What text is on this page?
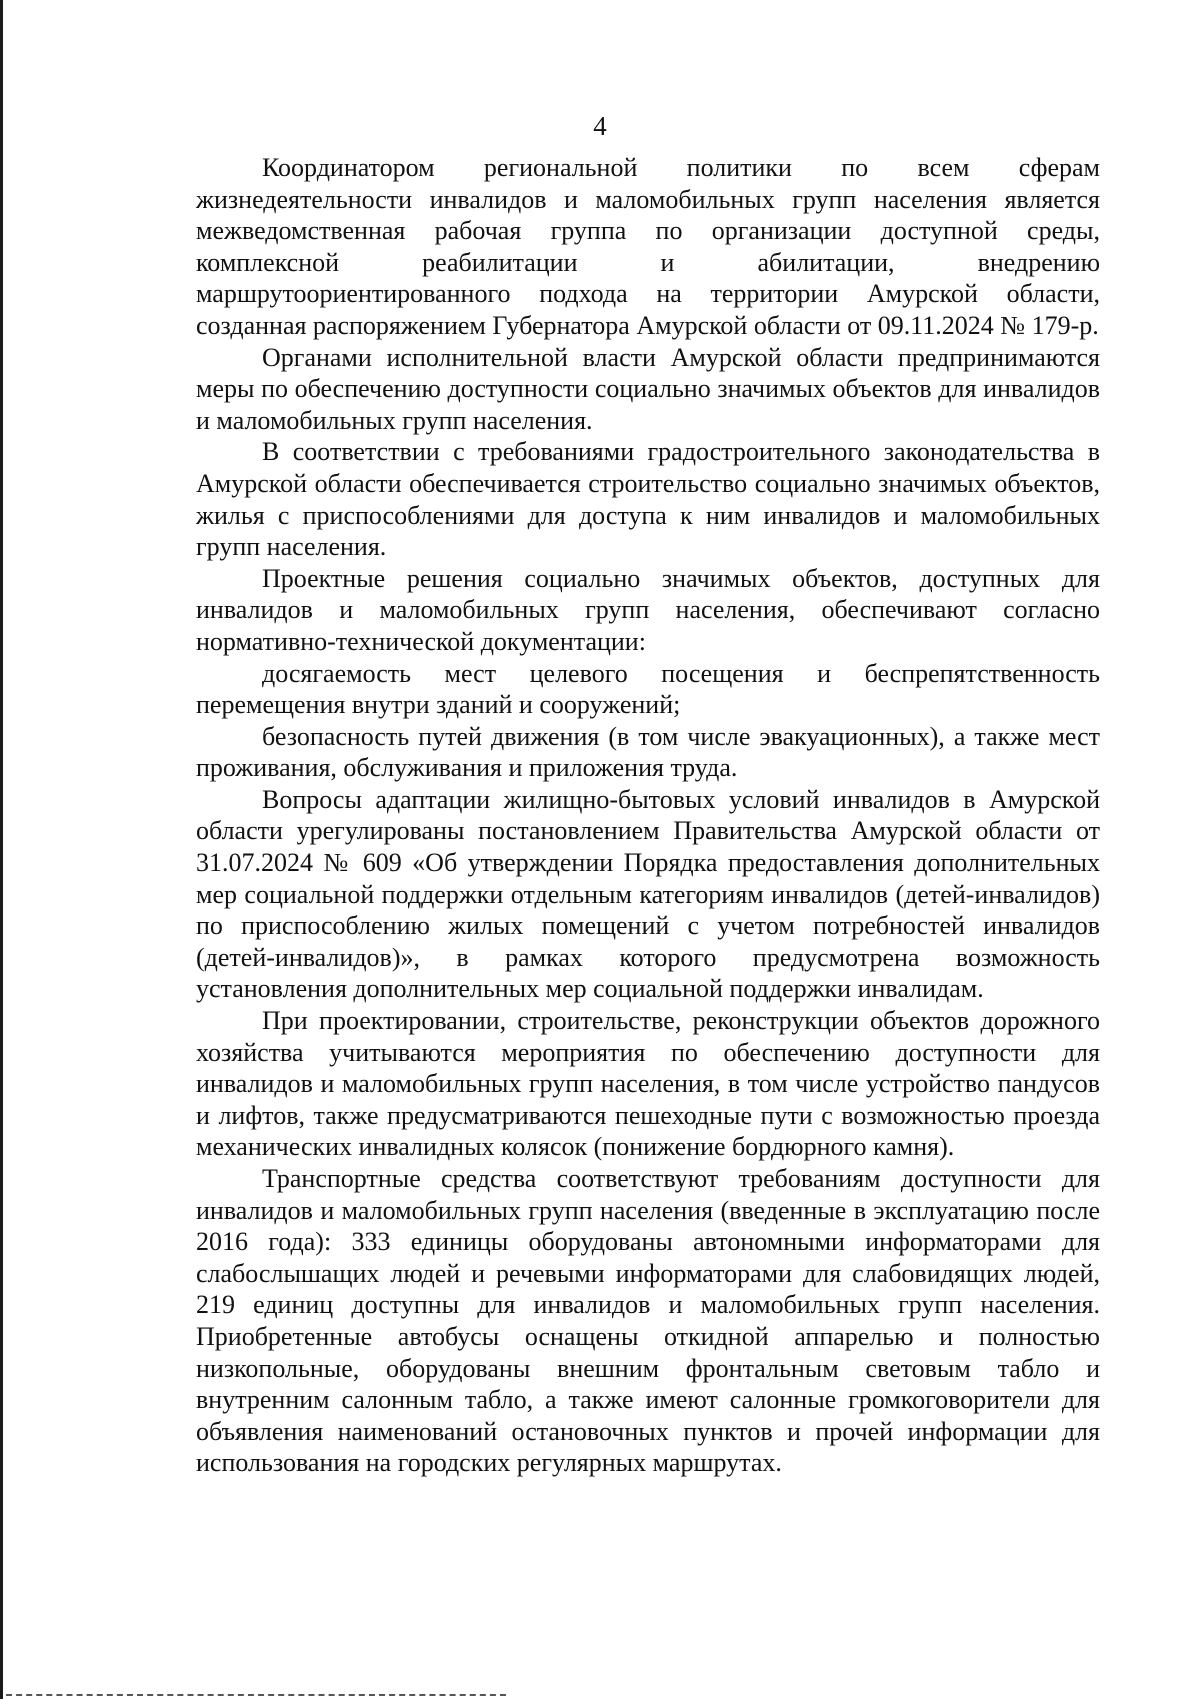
4

Координатором региональной политики по всем сферам жизнедеятельности инвалидов и маломобильных групп населения является межведомственная рабочая группа по организации доступной среды, комплексной реабилитации и абилитации, внедрению маршрутоориентированного подхода на территории Амурской области, созданная распоряжением Губернатора Амурской области от 09.11.2024 № 179-р.

Органами исполнительной власти Амурской области предпринимаются меры по обеспечению доступности социально значимых объектов для инвалидов и маломобильных групп населения.

В соответствии с требованиями градостроительного законодательства в Амурской области обеспечивается строительство социально значимых объектов, жилья с приспособлениями для доступа к ним инвалидов и маломобильных групп населения.

Проектные решения социально значимых объектов, доступных для инвалидов и маломобильных групп населения, обеспечивают согласно нормативно-технической документации:

досягаемость мест целевого посещения и беспрепятственность перемещения внутри зданий и сооружений;

безопасность путей движения (в том числе эвакуационных), а также мест проживания, обслуживания и приложения труда.

Вопросы адаптации жилищно-бытовых условий инвалидов в Амурской области урегулированы постановлением Правительства Амурской области от 31.07.2024 № 609 «Об утверждении Порядка предоставления дополнительных мер социальной поддержки отдельным категориям инвалидов (детей-инвалидов) по приспособлению жилых помещений с учетом потребностей инвалидов (детей-инвалидов)», в рамках которого предусмотрена возможность установления дополнительных мер социальной поддержки инвалидам.

При проектировании, строительстве, реконструкции объектов дорожного хозяйства учитываются мероприятия по обеспечению доступности для инвалидов и маломобильных групп населения, в том числе устройство пандусов и лифтов, также предусматриваются пешеходные пути с возможностью проезда механических инвалидных колясок (понижение бордюрного камня).

Транспортные средства соответствуют требованиям доступности для инвалидов и маломобильных групп населения (введенные в эксплуатацию после 2016 года): 333 единицы оборудованы автономными информаторами для слабослышащих людей и речевыми информаторами для слабовидящих людей, 219 единиц доступны для инвалидов и маломобильных групп населения. Приобретенные автобусы оснащены откидной аппарелью и полностью низкопольные, оборудованы внешним фронтальным световым табло и внутренним салонным табло, а также имеют салонные громкоговорители для объявления наименований остановочных пунктов и прочей информации для использования на городских регулярных маршрутах.
